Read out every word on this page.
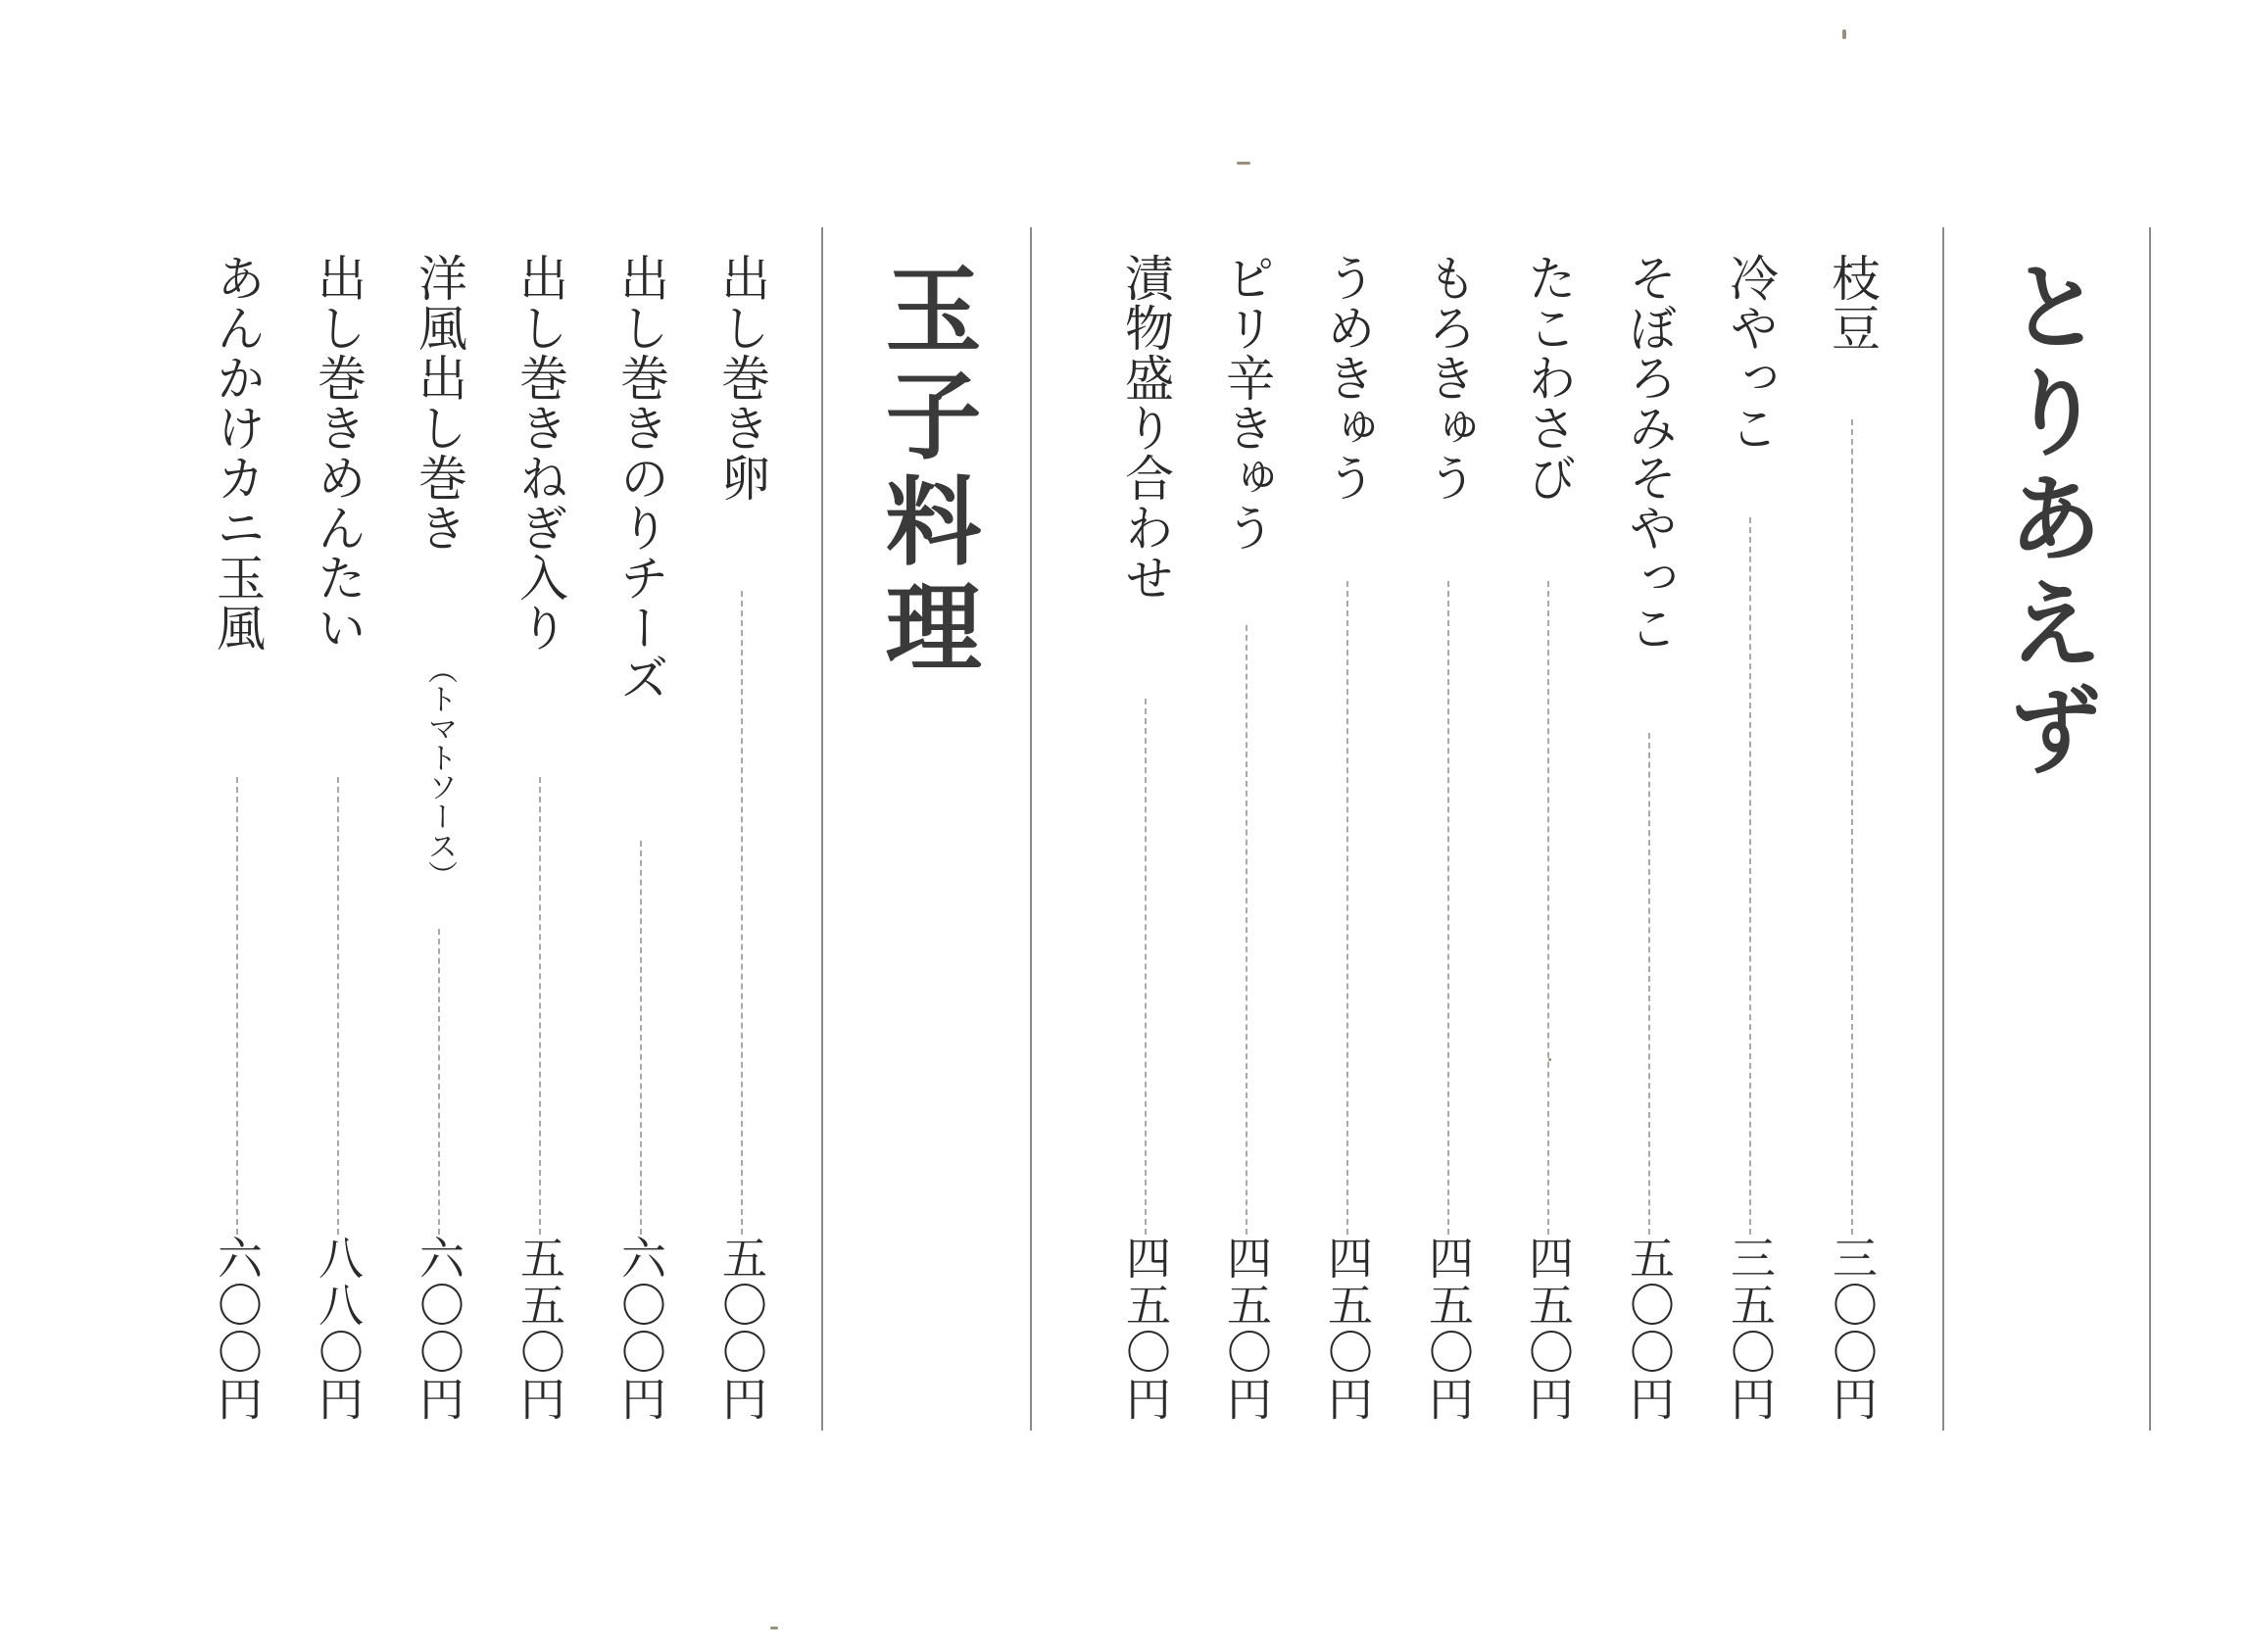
とりあえず
枝豆
三〇〇円
冷やっこ
三五〇円
そぼろみそやっこ
五〇〇円
たこわさび
四五〇円
もろきゅう
四五〇円
うめきゅう
四五〇円
ピリ辛きゅう
四五〇円
漬物盛り合わせ
四五〇円
玉子料理
出し巻き卵
五〇〇円
出し巻きのりチーズ
六〇〇円
出し巻きねぎ入り
五五〇円
洋風出し巻き
（トマトソース）
六〇〇円
出し巻きめんたい
八八〇円
あんかけカニ玉風
六〇〇円
